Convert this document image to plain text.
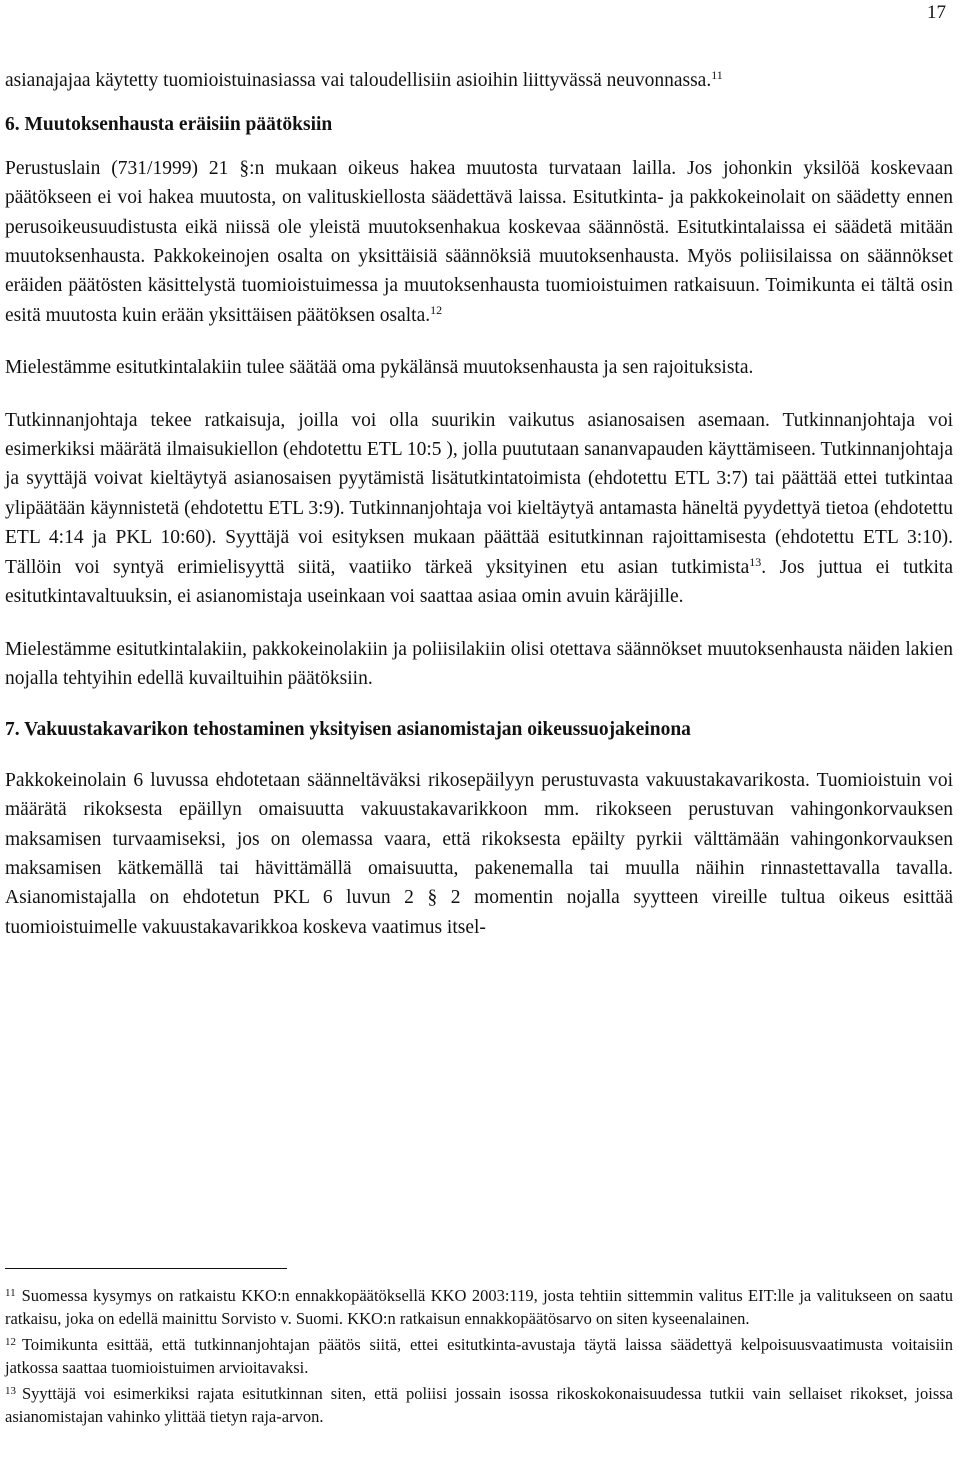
17

asianajajaa käytetty tuomioistuinasiassa vai taloudellisiin asioihin liittyvässä neuvonnassa.$^{11}$

6. Muutoksenhausta eräisiin päätöksiin

Perustuslain (731/1999) 21 §:n mukaan oikeus hakea muutosta turvataan lailla. Jos johonkin yksilöä koskevaan päätökseen ei voi hakea muutosta, on valituskiellosta säädettävä laissa. Esitutkinta- ja pakkokeinolait on säädetty ennen perusoikeusuudistusta eikä niissä ole yleistä muutoksenhakua koskevaa säännöstä. Esitutkintalaissa ei säädetä mitään muutoksenhausta. Pakkokeinojen osalta on yksittäisiä säännöksiä muutoksenhausta. Myös poliisilaissa on säännökset eräiden päätösten käsittelystä tuomioistuimessa ja muutoksenhausta tuomioistuimen ratkaisuun. Toimikunta ei tältä osin esitä muutosta kuin erään yksittäisen päätöksen osalta.$^{12}$

Mielestämme esitutkintalakiin tulee säätää oma pykälänsä muutoksenhausta ja sen rajoituksista.

Tutkinnanjohtaja tekee ratkaisuja, joilla voi olla suurikin vaikutus asianosaisen asemaan. Tutkinnanjohtaja voi esimerkiksi määrätä ilmaisukiellon (ehdotettu ETL 10:5 ), jolla puututaan sananvapauden käyttämiseen. Tutkinnanjohtaja ja syyttäjä voivat kieltäytyä asianosaisen pyytämistä lisätutkintatoimista (ehdotettu ETL 3:7) tai päättää ettei tutkintaa ylipäätään käynnistetä (ehdotettu ETL 3:9). Tutkinnanjohtaja voi kieltäytyä antamasta häneltä pyydettyä tietoa (ehdotettu ETL 4:14 ja PKL 10:60). Syyttäjä voi esityksen mukaan päättää esitutkinnan rajoittamisesta (ehdotettu ETL 3:10). Tällöin voi syntyä erimielisyyttä siitä, vaatiiko tärkeä yksityinen etu asian tutkimista$^{13}$. Jos juttua ei tutkita esitutkintavaltuuksin, ei asianomistaja useinkaan voi saattaa asiaa omin avuin käräjille.

Mielestämme esitutkintalakiin, pakkokeinolakiin ja poliisilakiin olisi otettava säännökset muutoksenhausta näiden lakien nojalla tehtyihin edellä kuvailtuihin päätöksiin.

7. Vakuustakavarikon tehostaminen yksityisen asianomistajan oikeussuojakeinona

Pakkokeinolain 6 luvussa ehdotetaan säänneltäväksi rikosepäilyyn perustuvasta vakuustakavarikosta. Tuomioistuin voi määrätä rikoksesta epäillyn omaisuutta vakuustakavarikkoon mm. rikokseen perustuvan vahingonkorvauksen maksamisen turvaamiseksi, jos on olemassa vaara, että rikoksesta epäilty pyrkii välttämään vahingonkorvauksen maksamisen kätkemällä tai hävittämällä omaisuutta, pakenemalla tai muulla näihin rinnastettavalla tavalla. Asianomistajalla on ehdotetun PKL 6 luvun 2 § 2 momentin nojalla syytteen vireille tultua oikeus esittää tuomioistuimelle vakuustakavarikkoa koskeva vaatimus itsel-

$^{11}$ Suomessa kysymys on ratkaistu KKO:n ennakkopäätöksellä KKO 2003:119, josta tehtiin sittemmin valitus EIT:lle ja valitukseen on saatu ratkaisu, joka on edellä mainittu Sorvisto v. Suomi. KKO:n ratkaisun ennakkopäätösarvo on siten kyseenalainen.

$^{12}$ Toimikunta esittää, että tutkinnanjohtajan päätös siitä, ettei esitutkinta-avustaja täytä laissa säädettyä kelpoisuusvaatimusta voitaisiin jatkossa saattaa tuomioistuimen arvioitavaksi.

$^{13}$ Syyttäjä voi esimerkiksi rajata esitutkinnan siten, että poliisi jossain isossa rikoskokonaisuudessa tutkii vain sellaiset rikokset, joissa asianomistajan vahinko ylittää tietyn raja-arvon.
